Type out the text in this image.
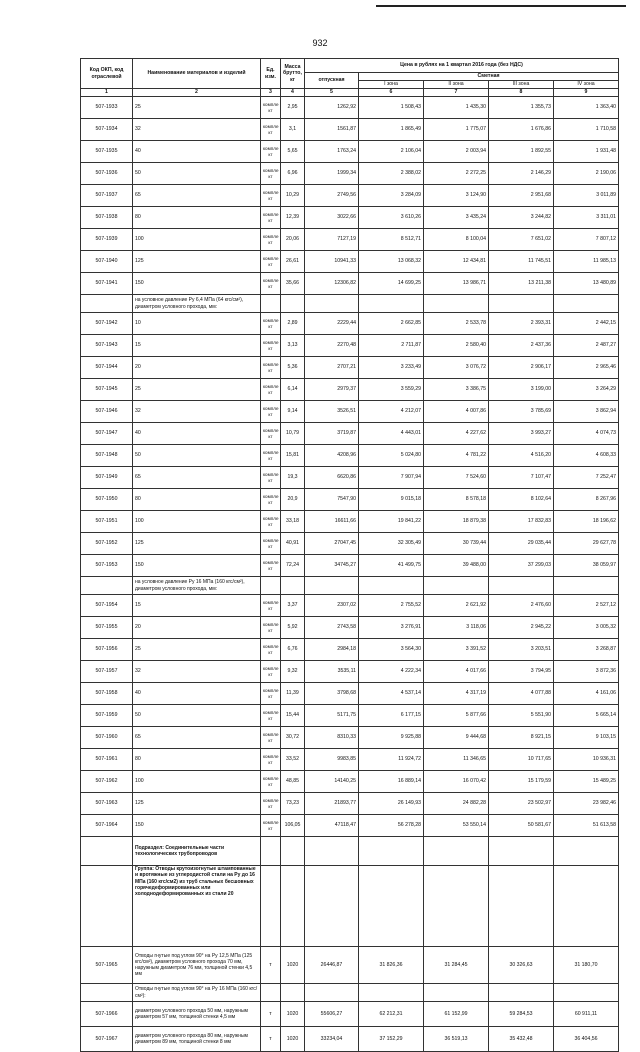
932
Код ОКП, код отраслевой	Наименование материалов и изделий	Ед. изм.	Масса брутто, кг	Цена в рублях на 1 квартал 2016 года (без НДС)				
				отпускная	Сметная			
					I зона	II зона	III зона	IV зона
1	2	3	4	5	6	7	8	9
507-1933	25	компле кт	2,95	1262,92	1 508,43	1 435,30	1 355,73	1 363,40
507-1934	32	компле кт	3,1	1561,87	1 865,49	1 775,07	1 676,86	1 710,58
507-1935	40	компле кт	5,65	1763,24	2 106,04	2 003,94	1 892,55	1 931,48
507-1936	50	компле кт	6,96	1999,34	2 388,02	2 272,25	2 146,29	2 190,06
507-1937	65	компле кт	10,29	2749,56	3 284,09	3 124,90	2 951,68	3 011,89
507-1938	80	компле кт	12,39	3022,66	3 610,26	3 435,24	3 244,82	3 311,01
507-1939	100	компле кт	20,06	7127,19	8 512,71	8 100,04	7 651,02	7 807,12
507-1940	125	компле кт	26,61	10941,33	13 068,32	12 434,81	11 745,51	11 985,13
507-1941	150	компле кт	35,66	12306,82	14 699,25	13 986,71	13 211,38	13 480,89
	на условное давление Ру 6,4 МПа (64 кгс/см²), диаметром условного прохода, мм:							
507-1942	10	компле кт	2,89	2229,44	2 662,85	2 533,78	2 393,31	2 442,15
507-1943	15	компле кт	3,13	2270,48	2 711,87	2 580,40	2 437,36	2 487,27
507-1944	20	компле кт	5,36	2707,21	3 233,49	3 076,72	2 906,17	2 965,46
507-1945	25	компле кт	6,14	2979,37	3 559,29	3 386,75	3 199,00	3 264,29
507-1946	32	компле кт	9,14	3526,51	4 212,07	4 007,86	3 785,69	3 862,94
507-1947	40	компле кт	10,79	3719,87	4 443,01	4 227,62	3 993,27	4 074,73
507-1948	50	компле кт	15,81	4208,96	5 024,80	4 781,22	4 516,20	4 608,33
507-1949	65	компле кт	19,3	6620,86	7 907,94	7 524,60	7 107,47	7 252,47
507-1950	80	компле кт	20,9	7547,90	9 015,18	8 578,18	8 102,64	8 267,96
507-1951	100	компле кт	33,18	16611,66	19 841,22	18 879,38	17 832,83	18 196,62
507-1952	125	компле кт	40,91	27047,45	32 305,49	30 739,44	29 035,44	29 627,78
507-1953	150	компле кт	72,24	34745,27	41 499,75	39 488,00	37 299,03	38 059,97
	на условное давление Ру 16 МПа (160 кгс/см²), диаметром условного прохода, мм:							
507-1954	15	компле кт	3,37	2307,02	2 755,52	2 621,92	2 476,60	2 527,12
507-1955	20	компле кт	5,92	2743,58	3 276,91	3 118,06	2 945,22	3 005,32
507-1956	25	компле кт	6,76	2984,18	3 564,30	3 391,52	3 203,51	3 268,87
507-1957	32	компле кт	9,32	3535,11	4 222,34	4 017,66	3 794,95	3 872,36
507-1958	40	компле кт	11,39	3798,68	4 537,14	4 317,19	4 077,88	4 161,06
507-1959	50	компле кт	15,44	5171,75	6 177,15	5 877,66	5 551,90	5 665,14
507-1960	65	компле кт	30,72	8310,33	9 925,88	9 444,68	8 921,15	9 103,15
507-1961	80	компле кт	33,52	9983,85	11 924,72	11 346,65	10 717,65	10 936,31
507-1962	100	компле кт	48,85	14140,25	16 889,14	16 070,42	15 179,59	15 489,25
507-1963	125	компле кт	73,23	21893,77	26 149,93	24 882,28	23 502,97	23 982,46
507-1964	150	компле кт	106,05	47118,47	56 278,28	53 550,14	50 581,67	51 613,58
	Подраздел: Соединительные части технологических трубопроводов							
	Группа: Отводы крутоизогнутые штампованные и вротяжные из углеродистой стали на Ру до 16 МПа (160 кгс/см2) из труб стальных бесшовных горячедеформированных или холоднодеформированных из стали 20							
507-1965	Отводы гнутые под углом 90° на Ру 12,5 МПа (125 кгс/см²), диаметром условного прохода 70 мм, наружным диаметром 76 мм, толщиной стенки 4,5 мм	т	1020	26446,87	31 826,36	31 284,45	30 326,63	31 180,70
	Отводы гнутые под углом 90° на Ру 16 МПа (160 кгс/см²):							
507-1966	диаметром условного прохода 50 мм, наружным диаметром 57 мм, толщиной стенки 4,5 мм	т	1020	55606,27	62 212,31	61 152,99	59 284,53	60 911,11
507-1967	диаметром условного прохода 80 мм, наружным диаметром 89 мм, толщиной стенки 8 мм	т	1020	33234,04	37 152,29	36 519,13	35 432,48	36 404,56
